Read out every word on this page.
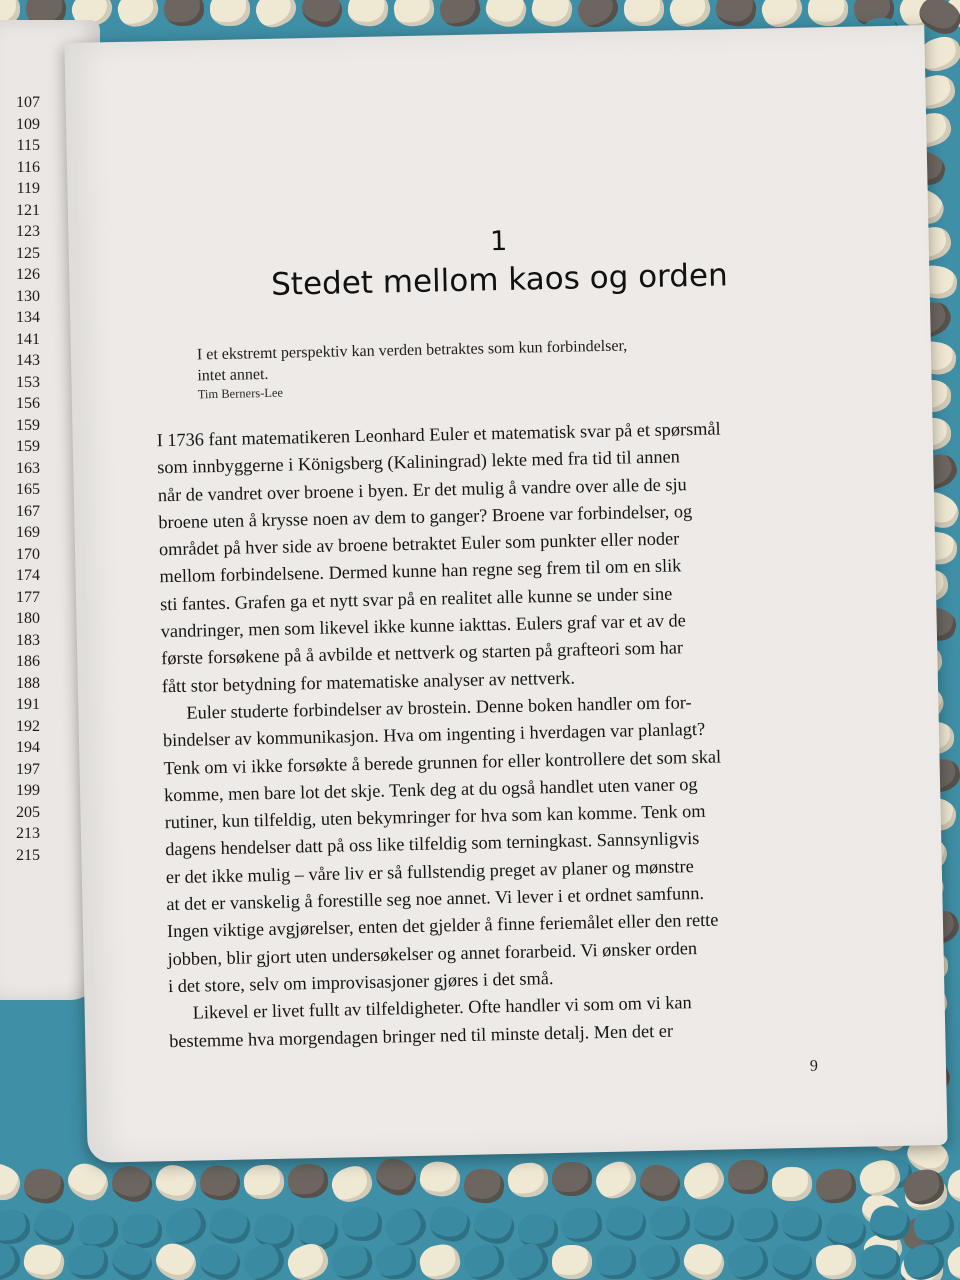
107
109
115
116
119
121
123
125
126
130
134
141
143
153
156
159
159
163
165
167
169
170
174
177
180
183
186
188
191
192
194
197
199
205
213
215
1
Stedet mellom kaos og orden
I et ekstremt perspektiv kan verden betraktes som kun forbindelser,
intet annet.
Tim Berners-Lee
I 1736 fant matematikeren Leonhard Euler et matematisk svar på et spørsmål
som innbyggerne i Königsberg (Kaliningrad) lekte med fra tid til annen
når de vandret over broene i byen. Er det mulig å vandre over alle de sju
broene uten å krysse noen av dem to ganger? Broene var forbindelser, og
området på hver side av broene betraktet Euler som punkter eller noder
mellom forbindelsene. Dermed kunne han regne seg frem til om en slik
sti fantes. Grafen ga et nytt svar på en realitet alle kunne se under sine
vandringer, men som likevel ikke kunne iakttas. Eulers graf var et av de
første forsøkene på å avbilde et nettverk og starten på grafteori som har
fått stor betydning for matematiske analyser av nettverk.
Euler studerte forbindelser av brostein. Denne boken handler om for-
bindelser av kommunikasjon. Hva om ingenting i hverdagen var planlagt?
Tenk om vi ikke forsøkte å berede grunnen for eller kontrollere det som skal
komme, men bare lot det skje. Tenk deg at du også handlet uten vaner og
rutiner, kun tilfeldig, uten bekymringer for hva som kan komme. Tenk om
dagens hendelser datt på oss like tilfeldig som terningkast. Sannsynligvis
er det ikke mulig – våre liv er så fullstendig preget av planer og mønstre
at det er vanskelig å forestille seg noe annet. Vi lever i et ordnet samfunn.
Ingen viktige avgjørelser, enten det gjelder å finne feriemålet eller den rette
jobben, blir gjort uten undersøkelser og annet forarbeid. Vi ønsker orden
i det store, selv om improvisasjoner gjøres i det små.
Likevel er livet fullt av tilfeldigheter. Ofte handler vi som om vi kan
bestemme hva morgendagen bringer ned til minste detalj. Men det er
9
